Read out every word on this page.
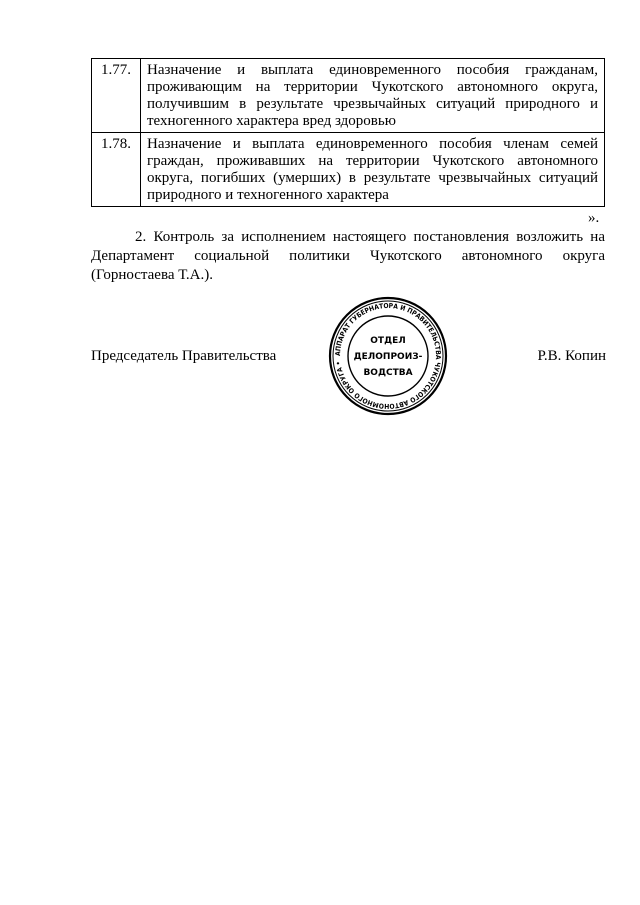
1.77.	Назначение и выплата единовременного пособия гражданам, проживающим на территории Чукотского автономного округа, получившим в результате чрезвычайных ситуаций природного и техногенного характера вред здоровью
1.78.	Назначение и выплата единовременного пособия членам семей граждан, проживавших на территории Чукотского автономного округа, погибших (умерших) в результате чрезвычайных ситуаций природного и техногенного характера
».
2. Контроль за исполнением настоящего постановления возложить на Департамент социальной политики Чукотского автономного округа (Горностаева Т.А.).
Председатель Правительства	Р.В. Копин
АППАРАТ ГУБЕРНАТОРА И ПРАВИТЕЛЬСТВА ЧУКОТСКОГО АВТОНОМНОГО ОКРУГА •
ОТДЕЛ
ДЕЛОПРОИЗ-
ВОДСТВА
